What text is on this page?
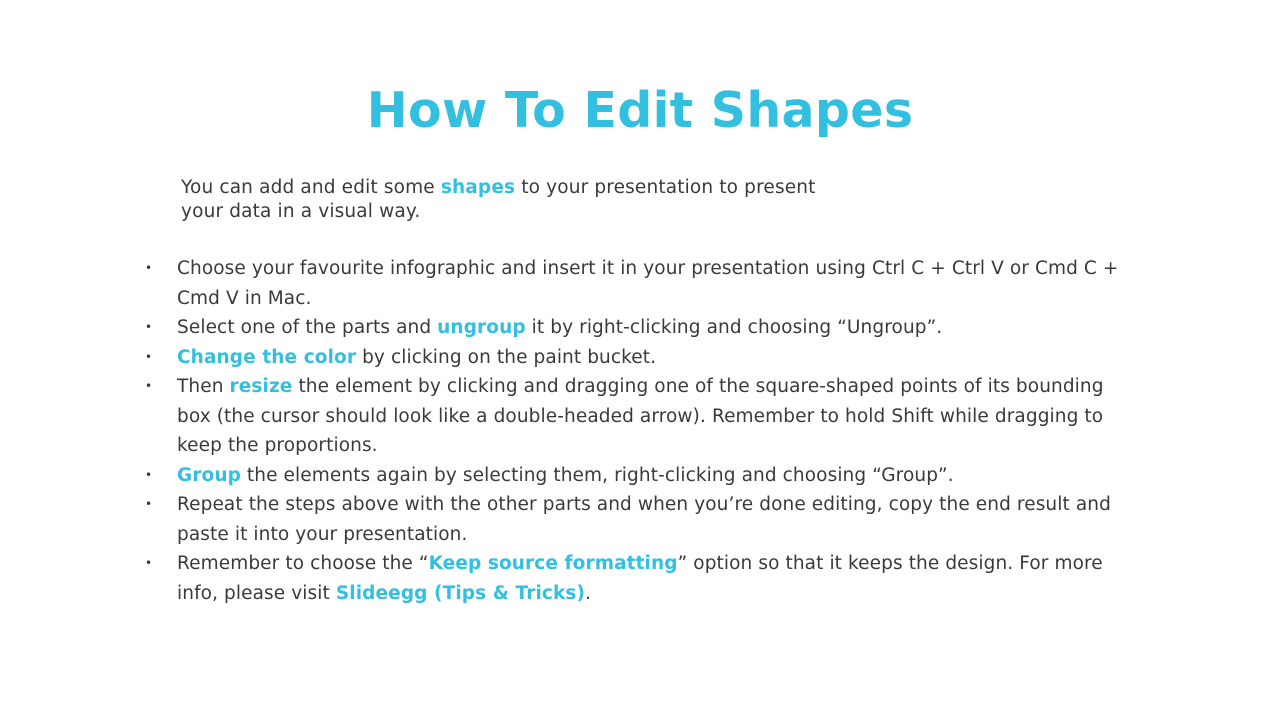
How To Edit Shapes

You can add and edit some shapes to your presentation to present your data in a visual way.

• Choose your favourite infographic and insert it in your presentation using Ctrl C + Ctrl V or Cmd C + Cmd V in Mac.
• Select one of the parts and ungroup it by right-clicking and choosing “Ungroup”.
• Change the color by clicking on the paint bucket.
• Then resize the element by clicking and dragging one of the square-shaped points of its bounding box (the cursor should look like a double-headed arrow). Remember to hold Shift while dragging to keep the proportions.
• Group the elements again by selecting them, right-clicking and choosing “Group”.
• Repeat the steps above with the other parts and when you’re done editing, copy the end result and paste it into your presentation.
• Remember to choose the “Keep source formatting” option so that it keeps the design. For more info, please visit Slideegg (Tips & Tricks).
